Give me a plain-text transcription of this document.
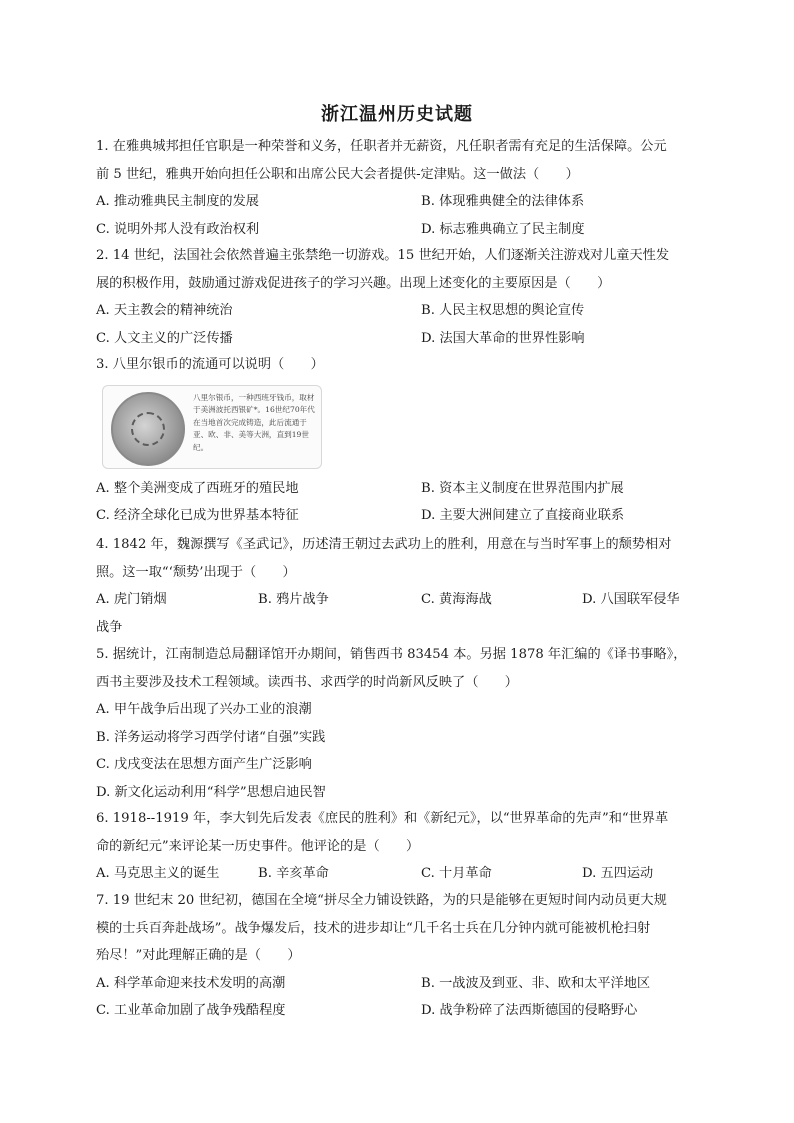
浙江温州历史试题
1. 在雅典城邦担任官职是一种荣誉和义务，任职者并无薪资，凡任职者需有充足的生活保障。公元
前 5 世纪，雅典开始向担任公职和出席公民大会者提供-定津贴。这一做法（　　）
A. 推动雅典民主制度的发展	B. 体现雅典健全的法律体系
C. 说明外邦人没有政治权利	D. 标志雅典确立了民主制度
2. 14 世纪，法国社会依然普遍主张禁绝一切游戏。15 世纪开始，人们逐渐关注游戏对儿童天性发
展的积极作用，鼓励通过游戏促进孩子的学习兴趣。出现上述变化的主要原因是（　　）
A. 天主教会的精神统治	B. 人民主权思想的舆论宣传
C. 人文主义的广泛传播	D. 法国大革命的世界性影响
3. 八里尔银币的流通可以说明（　　）
八里尔银币，一种西班牙钱币，取材于美洲波托西银矿*。16世纪70年代在当地首次完成铸造，此后流通于亚、欧、非、美等大洲，直到19世纪。
A. 整个美洲变成了西班牙的殖民地	B. 资本主义制度在世界范围内扩展
C. 经济全球化已成为世界基本特征	D. 主要大洲间建立了直接商业联系
4. 1842 年，魏源撰写《圣武记》，历述清王朝过去武功上的胜利，用意在与当时军事上的颓势相对
照。这一取“‘颓势’出现于（　　）
A. 虎门销烟	B. 鸦片战争	C. 黄海海战	D. 八国联军侵华
战争
5. 据统计，江南制造总局翻译馆开办期间，销售西书 83454 本。另据 1878 年汇编的《译书事略》，
西书主要涉及技术工程领域。读西书、求西学的时尚新风反映了（　　）
A. 甲午战争后出现了兴办工业的浪潮
B. 洋务运动将学习西学付诸“自强”实践
C. 戊戌变法在思想方面产生广泛影响
D. 新文化运动利用“科学”思想启迪民智
6. 1918--1919 年，李大钊先后发表《庶民的胜利》和《新纪元》，以“世界革命的先声”和“世界革
命的新纪元”来评论某一历史事件。他评论的是（　　）
A. 马克思主义的诞生	B. 辛亥革命	C. 十月革命	D. 五四运动
7. 19 世纪末 20 世纪初，德国在全境“拼尽全力铺设铁路，为的只是能够在更短时间内动员更大规
模的士兵百奔赴战场”。战争爆发后，技术的进步却让“几千名士兵在几分钟内就可能被机枪扫射
殆尽！”对此理解正确的是（　　）
A. 科学革命迎来技术发明的高潮	B. 一战波及到亚、非、欧和太平洋地区
C. 工业革命加剧了战争残酷程度	D. 战争粉碎了法西斯德国的侵略野心
